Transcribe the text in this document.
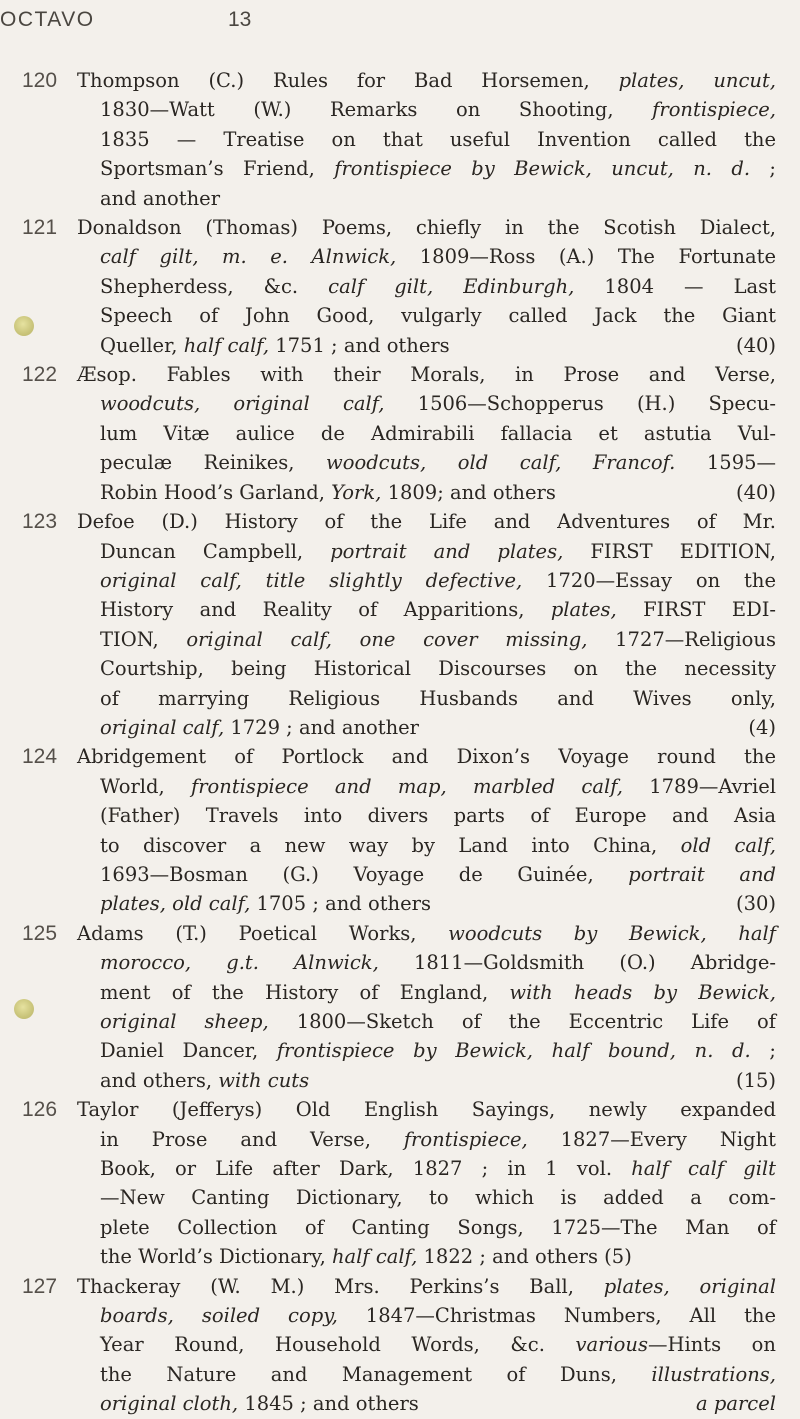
OCTAVO	13
120 Thompson (C.) Rules for Bad Horsemen, plates, uncut,
1830—Watt (W.) Remarks on Shooting, frontispiece,
1835 — Treatise on that useful Invention called the
Sportsman’s Friend, frontispiece by Bewick, uncut, n. d. ;
and another
121 Donaldson (Thomas) Poems, chiefly in the Scotish Dialect,
calf gilt, m. e. Alnwick, 1809—Ross (A.) The Fortunate
Shepherdess, &c. calf gilt, Edinburgh, 1804 — Last
Speech of John Good, vulgarly called Jack the Giant
Queller, half calf, 1751 ; and others	(40)
122 Æsop. Fables with their Morals, in Prose and Verse,
woodcuts, original calf, 1506—Schopperus (H.) Specu-
lum Vitæ aulice de Admirabili fallacia et astutia Vul-
peculæ Reinikes, woodcuts, old calf, Francof. 1595—
Robin Hood’s Garland, York, 1809; and others	(40)
123 Defoe (D.) History of the Life and Adventures of Mr.
Duncan Campbell, portrait and plates, FIRST EDITION,
original calf, title slightly defective, 1720—Essay on the
History and Reality of Apparitions, plates, FIRST EDI-
TION, original calf, one cover missing, 1727—Religious
Courtship, being Historical Discourses on the necessity
of marrying Religious Husbands and Wives only,
original calf, 1729 ; and another	(4)
124 Abridgement of Portlock and Dixon’s Voyage round the
World, frontispiece and map, marbled calf, 1789—Avriel
(Father) Travels into divers parts of Europe and Asia
to discover a new way by Land into China, old calf,
1693—Bosman (G.) Voyage de Guinée, portrait and
plates, old calf, 1705 ; and others	(30)
125 Adams (T.) Poetical Works, woodcuts by Bewick, half
morocco, g.t. Alnwick, 1811—Goldsmith (O.) Abridge-
ment of the History of England, with heads by Bewick,
original sheep, 1800—Sketch of the Eccentric Life of
Daniel Dancer, frontispiece by Bewick, half bound, n. d. ;
and others, with cuts	(15)
126 Taylor (Jefferys) Old English Sayings, newly expanded
in Prose and Verse, frontispiece, 1827—Every Night
Book, or Life after Dark, 1827 ; in 1 vol. half calf gilt
—New Canting Dictionary, to which is added a com-
plete Collection of Canting Songs, 1725—The Man of
the World’s Dictionary, half calf, 1822 ; and others (5)
127 Thackeray (W. M.) Mrs. Perkins’s Ball, plates, original
boards, soiled copy, 1847—Christmas Numbers, All the
Year Round, Household Words, &c. various—Hints on
the Nature and Management of Duns, illustrations,
original cloth, 1845 ; and others	a parcel
